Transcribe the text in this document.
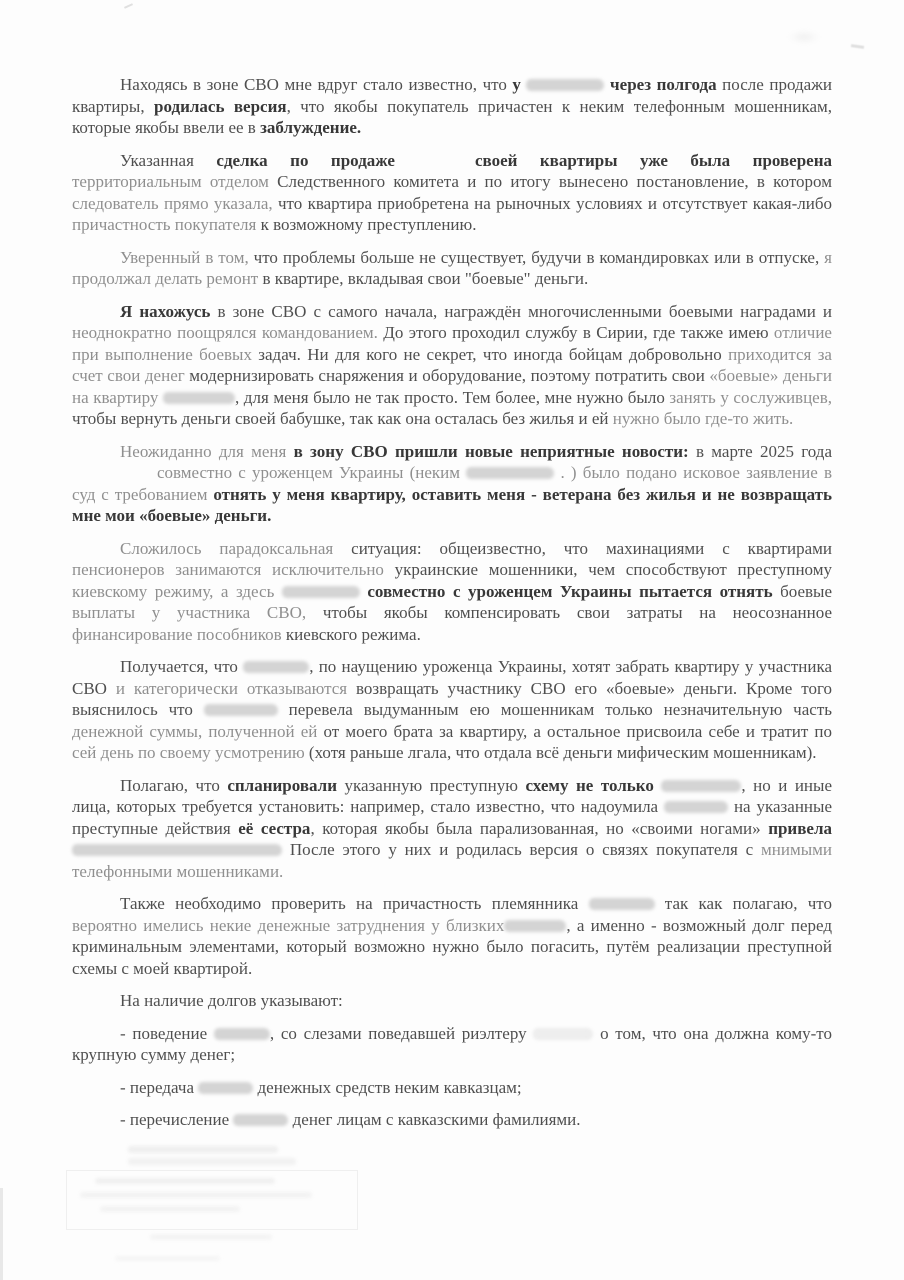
Находясь в зоне СВО мне вдруг стало известно, что у	через полгода после продажи квартиры, родилась версия, что якобы покупатель причастен к неким телефонным мошенникам, которые якобы ввели ее в заблуждение.

Указанная сделка по продаже	своей квартиры уже была проверена территориальным отделом Следственного комитета и по итогу вынесено постановление, в котором следователь прямо указала, что квартира приобретена на рыночных условиях и отсутствует какая-либо причастность покупателя к возможному преступлению.

Уверенный в том, что проблемы больше не существует, будучи в командировках или в отпуске, я продолжал делать ремонт в квартире, вкладывая свои "боевые" деньги.

Я нахожусь в зоне СВО с самого начала, награждён многочисленными боевыми наградами и неоднократно поощрялся командованием. До этого проходил службу в Сирии, где также имею отличие при выполнение боевых задач. Ни для кого не секрет, что иногда бойцам добровольно приходится за счет свои денег модернизировать снаряжения и оборудование, поэтому потратить свои «боевые» деньги на квартиру	, для меня было не так просто. Тем более, мне нужно было занять у сослуживцев, чтобы вернуть деньги своей бабушке, так как она осталась без жилья и ей нужно было где-то жить.

Неожиданно для меня в зону СВО пришли новые неприятные новости: в марте 2025 годасовместно с уроженцем Украины (неким	. ) было подано исковое заявление в суд с требованием отнять у меня квартиру, оставить меня - ветерана без жилья и не возвращать мне мои «боевые» деньги.

Сложилось парадоксальная ситуация: общеизвестно, что махинациями с квартирами пенсионеров занимаются исключительно украинские мошенники, чем способствуют преступному киевскому режиму, а здесь	совместно с уроженцем Украины пытается отнять боевые выплаты у участника СВО, чтобы якобы компенсировать свои затраты на неосознанное финансирование пособников киевского режима.

Получается, что	, по наущению уроженца Украины, хотят забрать квартиру у участника СВО и категорически отказываются возвращать участнику СВО его «боевые» деньги. Кроме того выяснилось что	перевела выдуманным ею мошенникам только незначительную часть денежной суммы, полученной ей от моего брата за квартиру, а остальное присвоила себе и тратит по сей день по своему усмотрению (хотя раньше лгала, что отдала всё деньги мифическим мошенникам).

Полагаю, что спланировали указанную преступную схему не только	, но и иные лица, которых требуется установить: например, стало известно, что надоумила	на указанные преступные действия её сестра, которая якобы была парализованная, но «своими ногами» привела  После этого у них и родилась версия о связях покупателя с мнимыми телефонными мошенниками.

Также необходимо проверить на причастность племянника	так как полагаю, что вероятно имелись некие денежные затруднения у близких	, а именно - возможный долг перед криминальным элементами, который возможно нужно было погасить, путём реализации преступной схемы с моей квартирой.

На наличие долгов указывают:

- поведение	, со слезами поведавшей риэлтеру	о том, что она должна кому-то крупную сумму денег;

- передача	денежных средств неким кавказцам;

- перечисление	денег лицам с кавказскими фамилиями.
